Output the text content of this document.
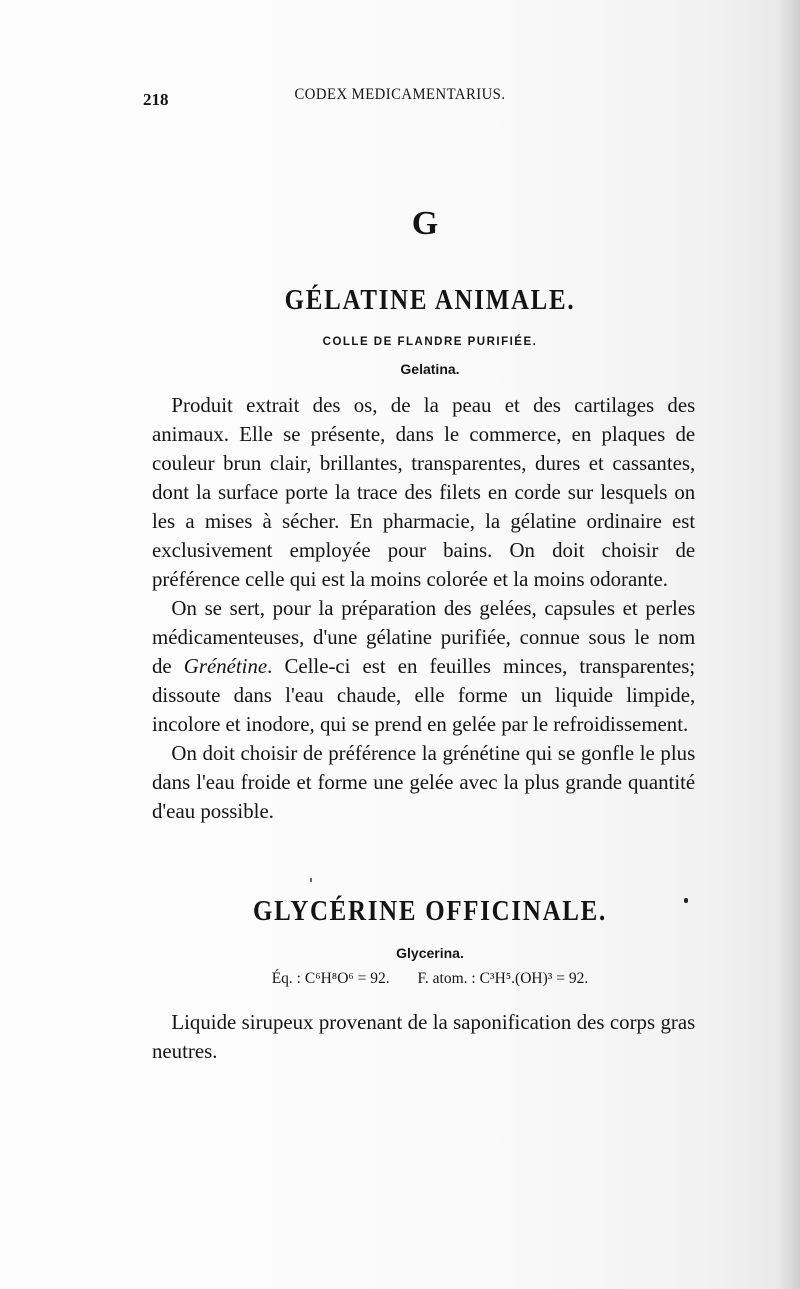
218	CODEX MEDICAMENTARIUS.
G
GÉLATINE ANIMALE.
COLLE DE FLANDRE PURIFIÉE.
Gelatina.

Produit extrait des os, de la peau et des cartilages des animaux. Elle se présente, dans le commerce, en plaques de couleur brun clair, brillantes, transparentes, dures et cassantes, dont la surface porte la trace des filets en corde sur lesquels on les a mises à sécher. En pharmacie, la gélatine ordinaire est exclusivement employée pour bains. On doit choisir de préférence celle qui est la moins colorée et la moins odorante.

On se sert, pour la préparation des gelées, capsules et perles médicamenteuses, d'une gélatine purifiée, connue sous le nom de Grénétine. Celle-ci est en feuilles minces, transparentes; dissoute dans l'eau chaude, elle forme un liquide limpide, incolore et inodore, qui se prend en gelée par le refroidissement.

On doit choisir de préférence la grénétine qui se gonfle le plus dans l'eau froide et forme une gelée avec la plus grande quantité d'eau possible.

GLYCÉRINE OFFICINALE.
Glycerina.
Éq. : C⁶H⁸O⁶ = 92. F. atom. : C³H⁵.(OH)³ = 92.

Liquide sirupeux provenant de la saponification des corps gras neutres.
